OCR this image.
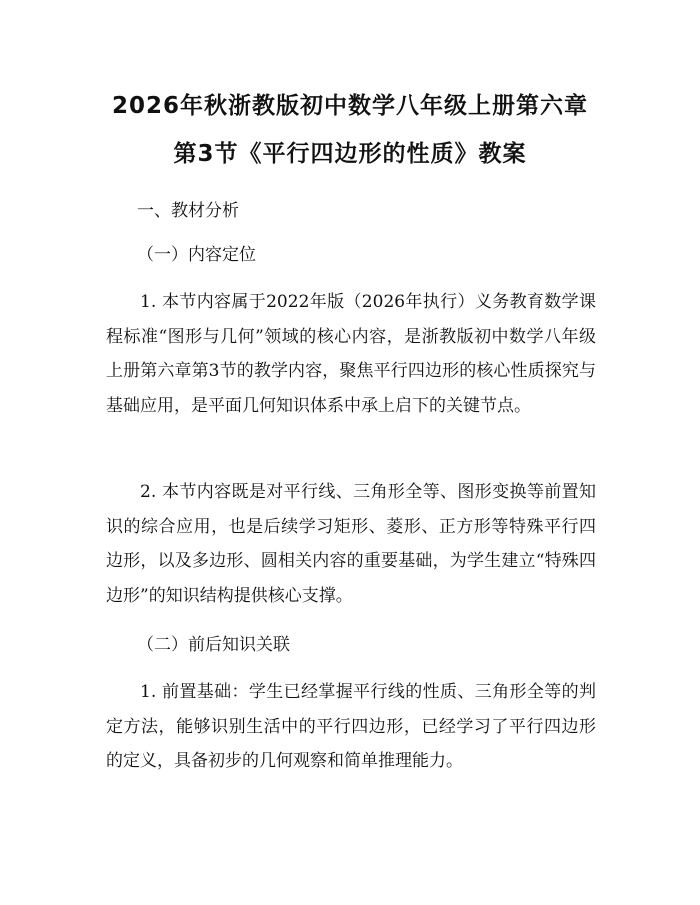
2026年秋浙教版初中数学八年级上册第六章
第3节《平行四边形的性质》教案
一、教材分析
（一）内容定位
1. 本节内容属于2022年版（2026年执行）义务教育数学课程标准“图形与几何”领域的核心内容，是浙教版初中数学八年级上册第六章第3节的教学内容，聚焦平行四边形的核心性质探究与基础应用，是平面几何知识体系中承上启下的关键节点。
2. 本节内容既是对平行线、三角形全等、图形变换等前置知识的综合应用，也是后续学习矩形、菱形、正方形等特殊平行四边形，以及多边形、圆相关内容的重要基础，为学生建立“特殊四边形”的知识结构提供核心支撑。
（二）前后知识关联
1. 前置基础：学生已经掌握平行线的性质、三角形全等的判定方法，能够识别生活中的平行四边形，已经学习了平行四边形的定义，具备初步的几何观察和简单推理能力。
